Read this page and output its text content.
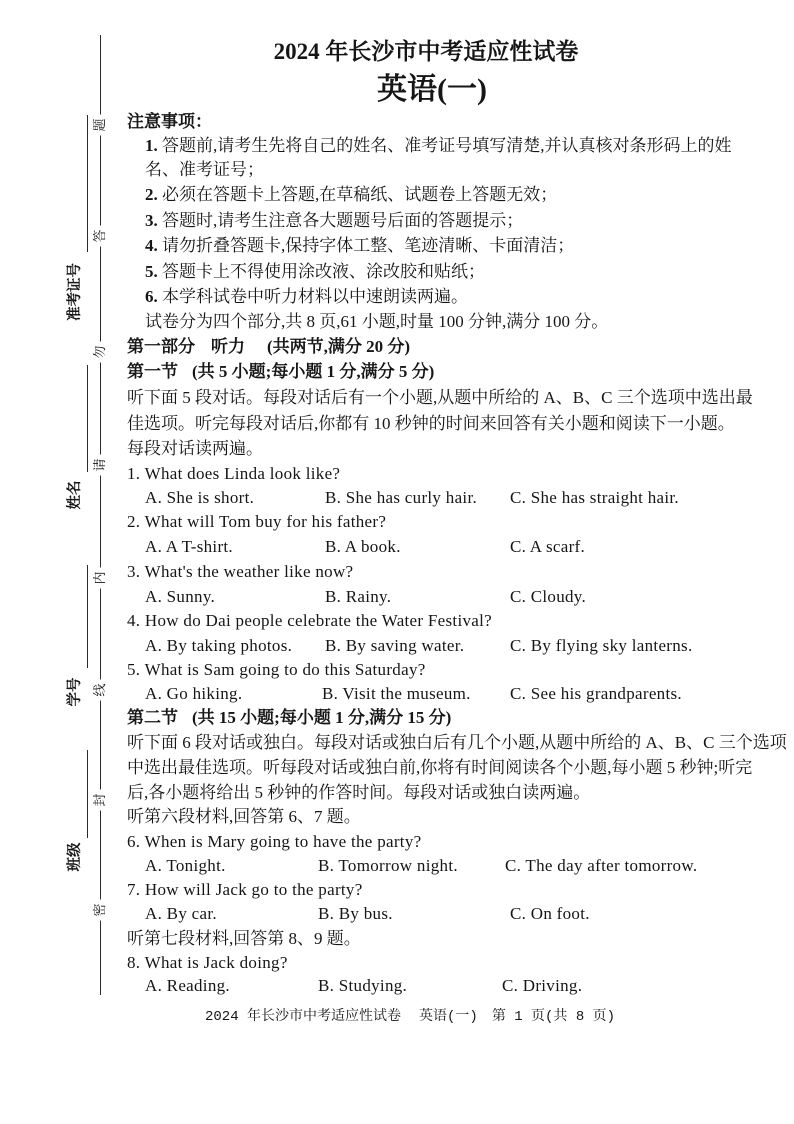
准考证号
姓名
学号
班级
密
封
线
内
请
勿
答
题
2024 年长沙市中考适应性试卷
英语(一)
注意事项：
1. 答题前,请考生先将自己的姓名、准考证号填写清楚,并认真核对条形码上的姓
名、准考证号；
2. 必须在答题卡上答题,在草稿纸、试题卷上答题无效；
3. 答题时,请考生注意各大题题号后面的答题提示；
4. 请勿折叠答题卡,保持字体工整、笔迹清晰、卡面清洁；
5. 答题卡上不得使用涂改液、涂改胶和贴纸；
6. 本学科试卷中听力材料以中速朗读两遍。
试卷分为四个部分,共 8 页,61 小题,时量 100 分钟,满分 100 分。
第一部分 听力 (共两节,满分 20 分)
第一节 (共 5 小题;每小题 1 分,满分 5 分)
听下面 5 段对话。每段对话后有一个小题,从题中所给的 A、B、C 三个选项中选出最
佳选项。听完每段对话后,你都有 10 秒钟的时间来回答有关小题和阅读下一小题。
每段对话读两遍。
1. What does Linda look like?
A. She is short.	B. She has curly hair. C. She has straight hair.
2. What will Tom buy for his father?
A. A T-shirt.	B. A book.	C. A scarf.
3. What's the weather like now?
A. Sunny.	B. Rainy.	C. Cloudy.
4. How do Dai people celebrate the Water Festival?
A. By taking photos. B. By saving water.	C. By flying sky lanterns.
5. What is Sam going to do this Saturday?
A. Go hiking.	B. Visit the museum. C. See his grandparents.
第二节 (共 15 小题;每小题 1 分,满分 15 分)
听下面 6 段对话或独白。每段对话或独白后有几个小题,从题中所给的 A、B、C 三个选项
中选出最佳选项。听每段对话或独白前,你将有时间阅读各个小题,每小题 5 秒钟;听完
后,各小题将给出 5 秒钟的作答时间。每段对话或独白读两遍。
听第六段材料,回答第 6、7 题。
6. When is Mary going to have the party?
A. Tonight.	B. Tomorrow night.	C. The day after tomorrow.
7. How will Jack go to the party?
A. By car.	B. By bus.	C. On foot.
听第七段材料,回答第 8、9 题。
8. What is Jack doing?
A. Reading.	B. Studying.	C. Driving.
2024 年长沙市中考适应性试卷 英语(一) 第 1 页(共 8 页)
